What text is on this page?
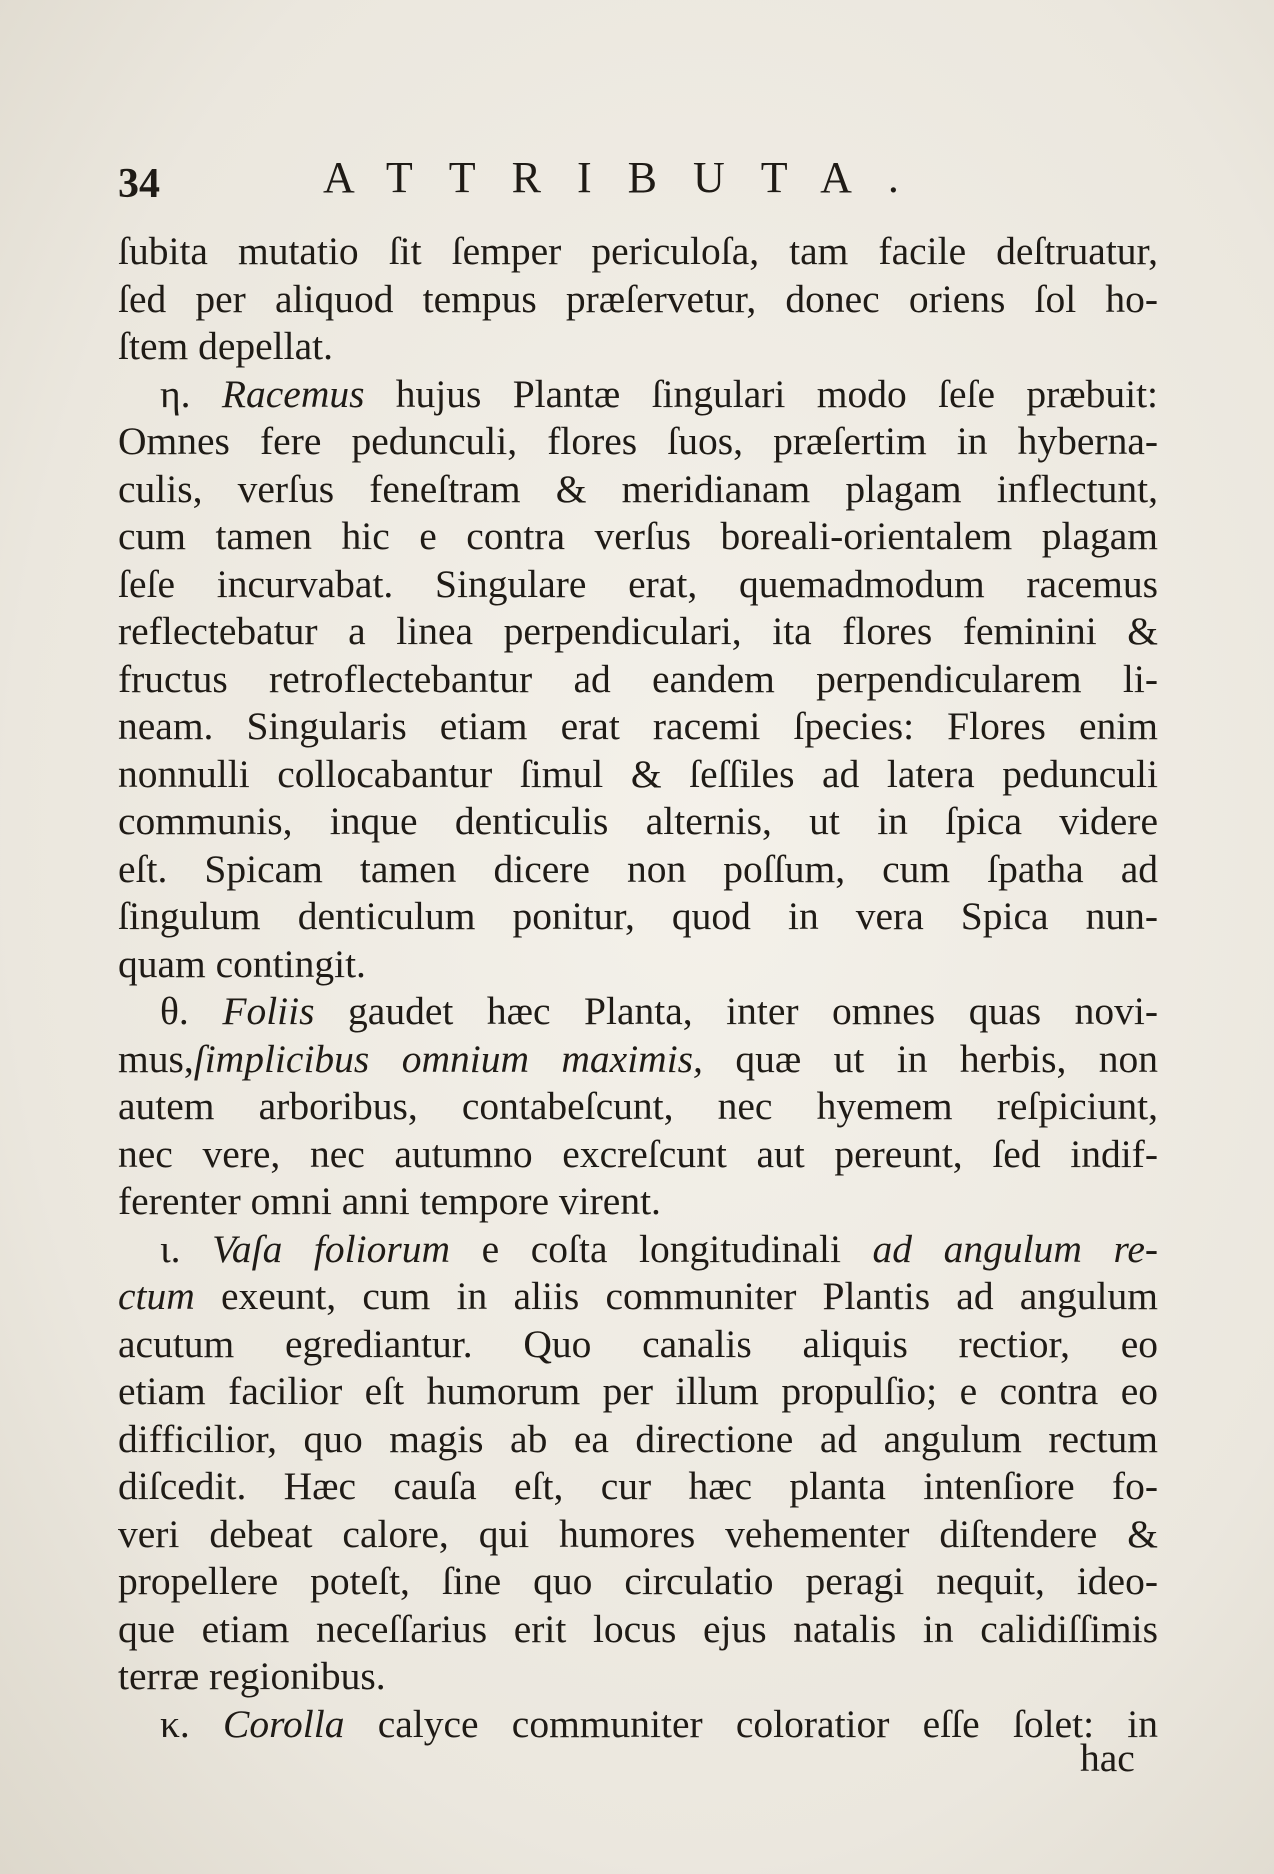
34	ATTRIBUTA.
ſubita mutatio ſit ſemper periculoſa, tam facile deſtruatur,
ſed per aliquod tempus præſervetur, donec oriens ſol ho-
ſtem depellat.
η. Racemus hujus Plantæ ſingulari modo ſeſe præbuit:
Omnes fere pedunculi, flores ſuos, præſertim in hyberna-
culis, verſus feneſtram & meridianam plagam inflectunt,
cum tamen hic e contra verſus boreali-orientalem plagam
ſeſe incurvabat. Singulare erat, quemadmodum racemus
reflectebatur a linea perpendiculari, ita flores feminini &
fructus retroflectebantur ad eandem perpendicularem li-
neam. Singularis etiam erat racemi ſpecies: Flores enim
nonnulli collocabantur ſimul & ſeſſiles ad latera pedunculi
communis, inque denticulis alternis, ut in ſpica videre
eſt. Spicam tamen dicere non poſſum, cum ſpatha ad
ſingulum denticulum ponitur, quod in vera Spica nun-
quam contingit.
θ. Foliis gaudet hæc Planta, inter omnes quas novi-
mus,ſimplicibus omnium maximis, quæ ut in herbis, non
autem arboribus, contabeſcunt, nec hyemem reſpiciunt,
nec vere, nec autumno excreſcunt aut pereunt, ſed indif-
ferenter omni anni tempore virent.
ι. Vaſa foliorum e coſta longitudinali ad angulum re-
ctum exeunt, cum in aliis communiter Plantis ad angulum
acutum egrediantur. Quo canalis aliquis rectior, eo
etiam facilior eſt humorum per illum propulſio; e contra eo
difficilior, quo magis ab ea directione ad angulum rectum
diſcedit. Hæc cauſa eſt, cur hæc planta intenſiore fo-
veri debeat calore, qui humores vehementer diſtendere &
propellere poteſt, ſine quo circulatio peragi nequit, ideo-
que etiam neceſſarius erit locus ejus natalis in calidiſſimis
terræ regionibus.
κ. Corolla calyce communiter coloratior eſſe ſolet: in
hac
